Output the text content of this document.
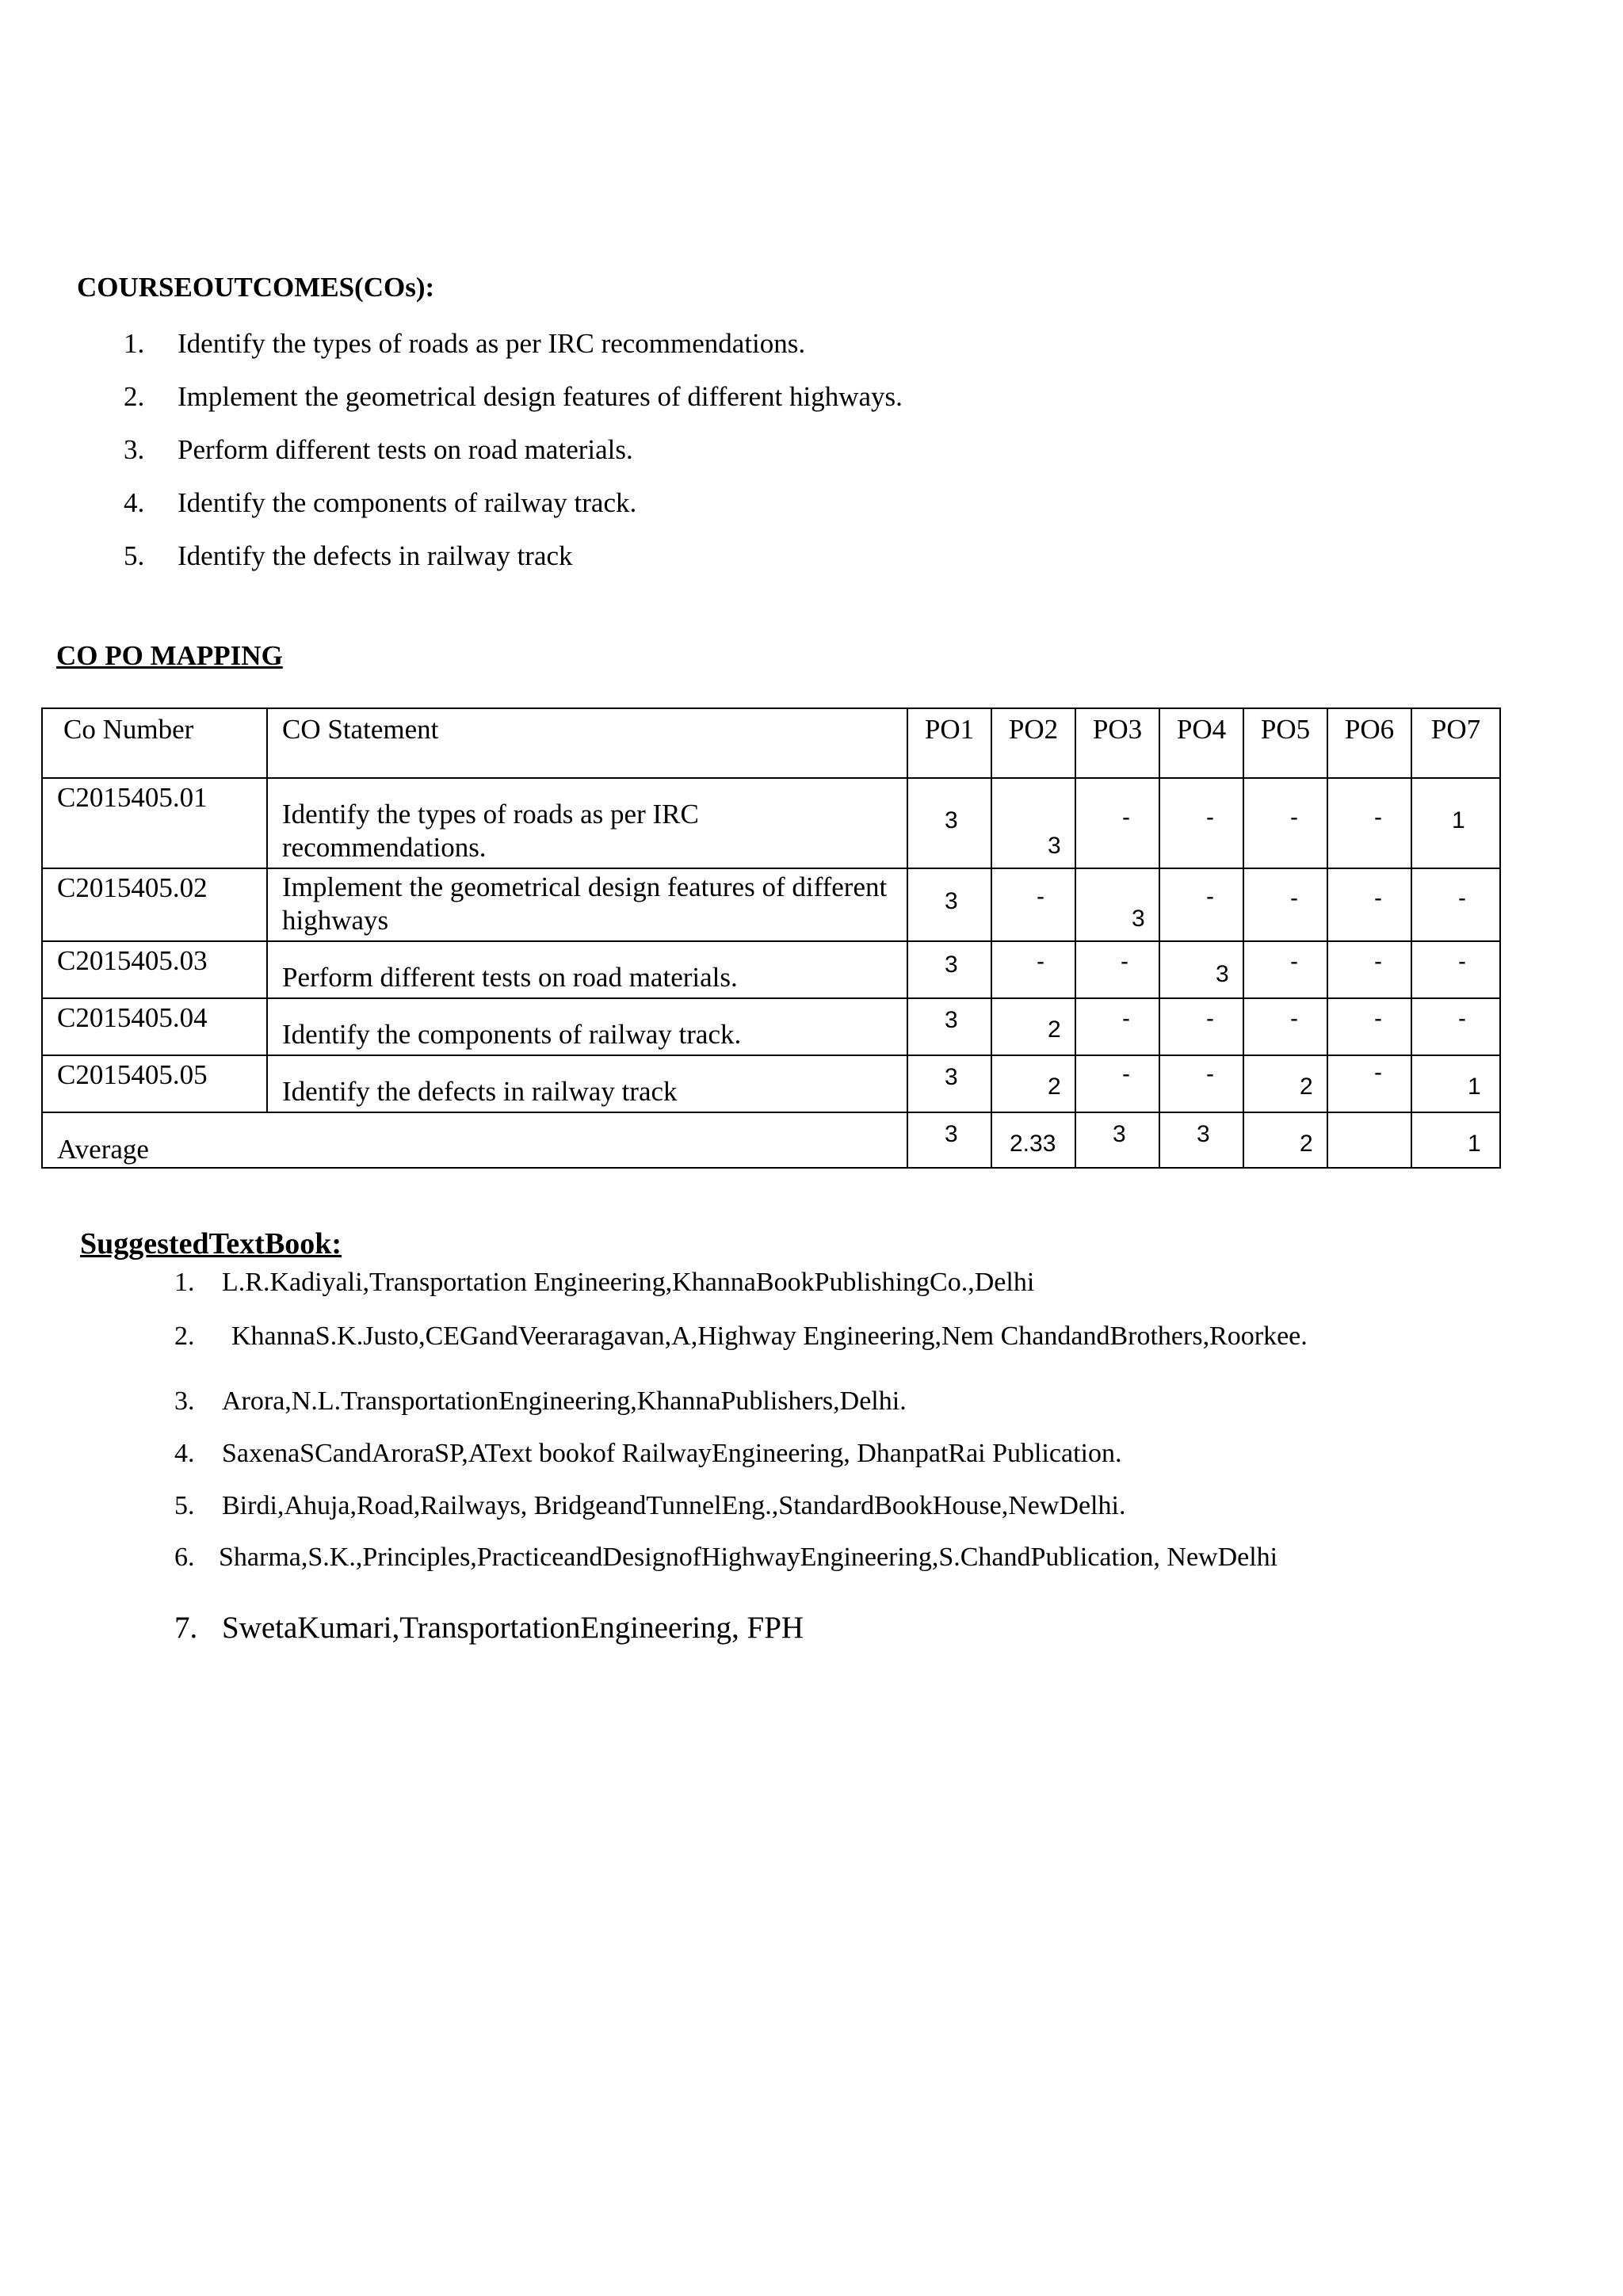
COURSEOUTCOMES(COs):
1. Identify the types of roads as per IRC recommendations.
2. Implement the geometrical design features of different highways.
3. Perform different tests on road materials.
4. Identify the components of railway track.
5. Identify the defects in railway track
CO PO MAPPING
Co Number	CO Statement	PO1	PO2	PO3	PO4	PO5	PO6	PO7
C2015405.01	Identify the types of roads as per IRC recommendations.	3	3	-	-	-	-	1

C2015405.02	Implement the geometrical design features of different highways	3	-	3	-	-	-	-

C2015405.03	Perform different tests on road materials.	3	-	-	3	-	-	-

C2015405.04	Identify the components of railway track.	3	2	-	-	-	-	-

C2015405.05	Identify the defects in railway track	3	2	-	-	2	-	1

Average		3	2.33	3	3	2		1
SuggestedTextBook:
1. L.R.Kadiyali,Transportation Engineering,KhannaBookPublishingCo.,Delhi
2. KhannaS.K.Justo,CEGandVeeraragavan,A,Highway Engineering,Nem ChandandBrothers,Roorkee.
3. Arora,N.L.TransportationEngineering,KhannaPublishers,Delhi.
4. SaxenaSCandAroraSP,AText bookof RailwayEngineering, DhanpatRai Publication.
5. Birdi,Ahuja,Road,Railways, BridgeandTunnelEng.,StandardBookHouse,NewDelhi.
6. Sharma,S.K.,Principles,PracticeandDesignofHighwayEngineering,S.ChandPublication, NewDelhi
7. SwetaKumari,TransportationEngineering, FPH
